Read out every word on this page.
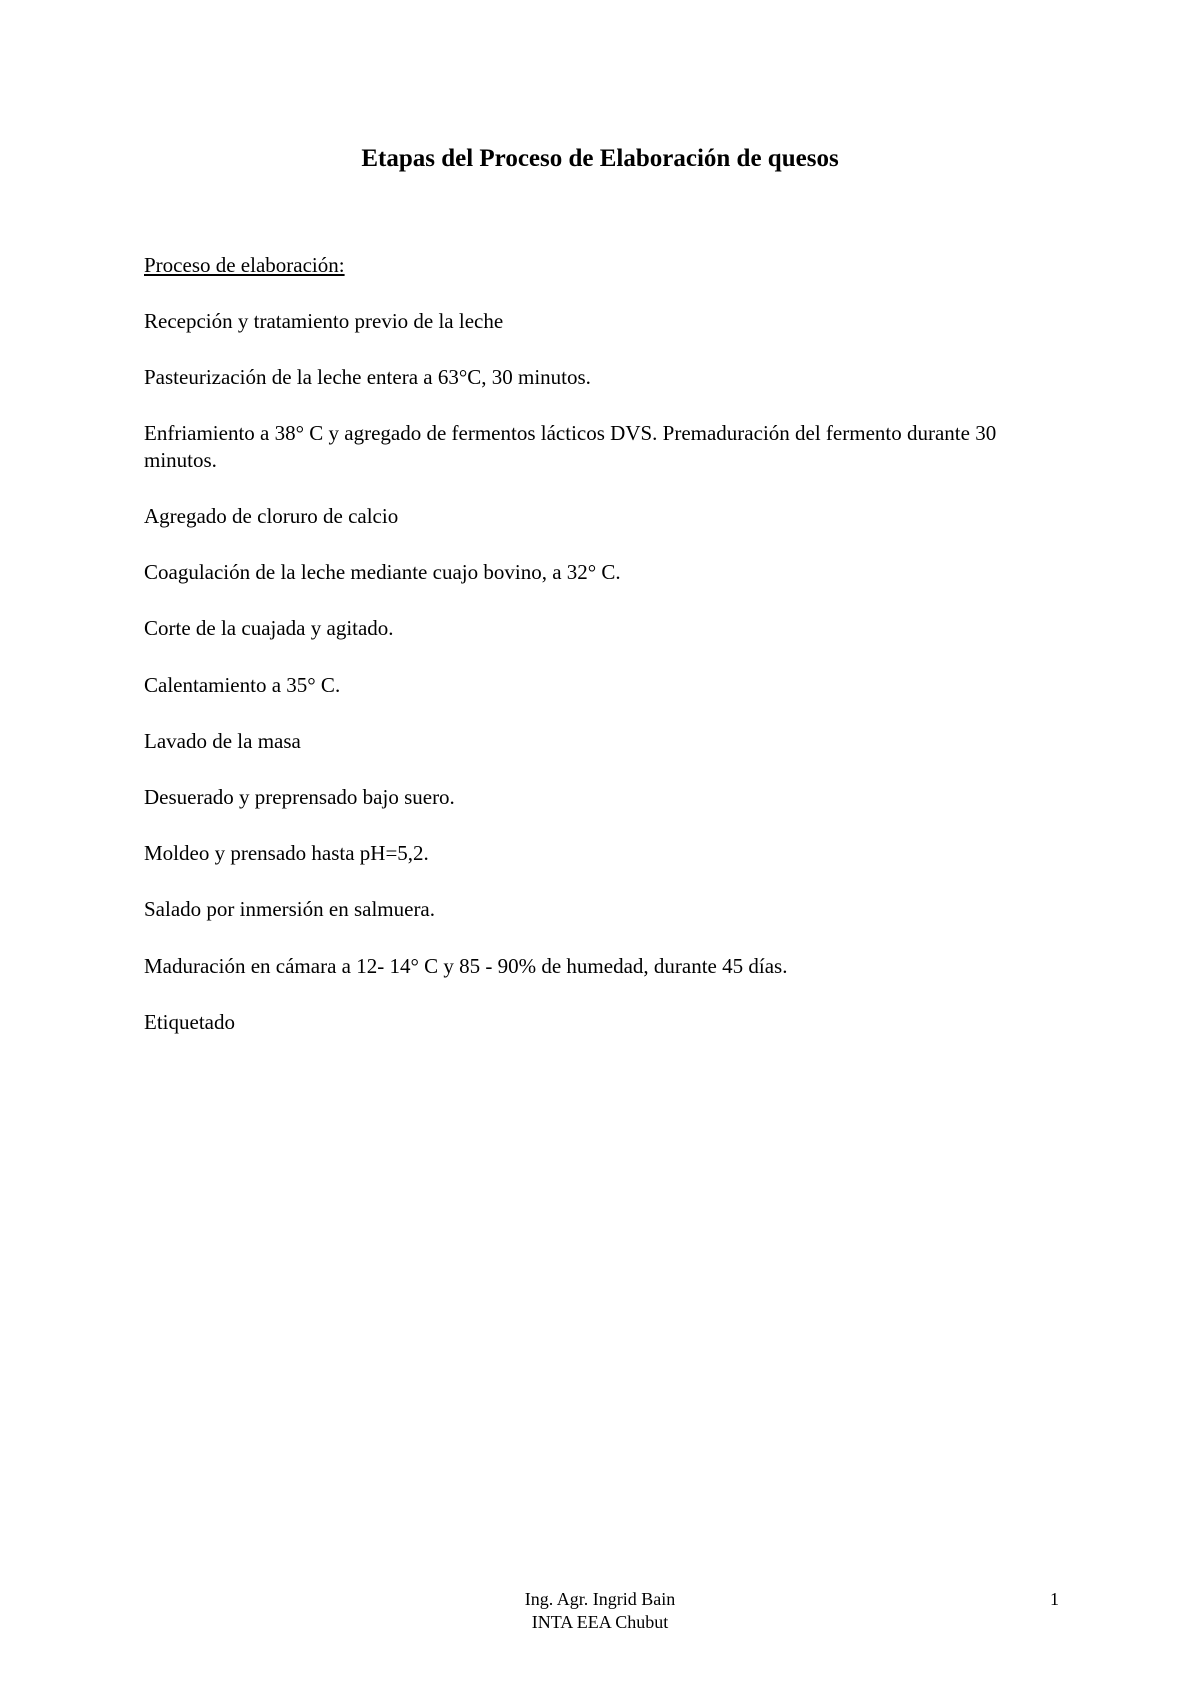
Etapas del Proceso de Elaboración de quesos

Proceso de elaboración:

Recepción y tratamiento previo de la leche

Pasteurización de la leche entera a 63°C, 30 minutos.

Enfriamiento a 38° C y agregado de fermentos lácticos DVS. Premaduración del fermento durante 30 minutos.

Agregado de cloruro de calcio

Coagulación de la leche mediante cuajo bovino, a 32° C.

Corte de la cuajada y agitado.

Calentamiento a 35° C.

Lavado de la masa

Desuerado y preprensado bajo suero.

Moldeo y prensado hasta pH=5,2.

Salado por inmersión en salmuera.

Maduración en cámara a 12- 14° C y 85 - 90% de humedad, durante 45 días.

Etiquetado

Ing. Agr. Ingrid Bain
INTA EEA Chubut
1
